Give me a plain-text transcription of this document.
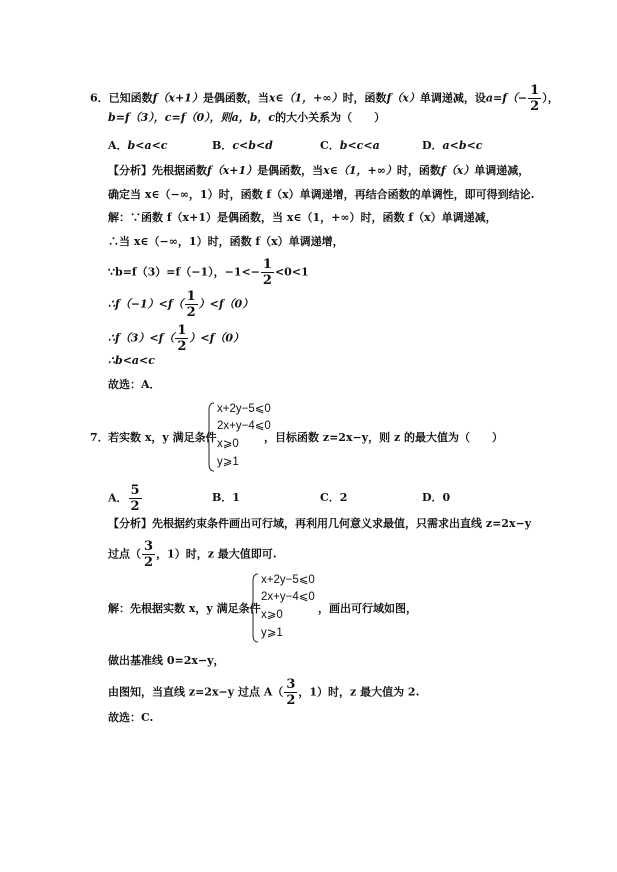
6．已知函数f（x+1）是偶函数，当x∈（1，+∞）时，函数f（x）单调递减，设$a=f(- \frac{1}{2}$ ），
b=f（3），c=f（0），则a，b，c的大小关系为（　　）
A．b<a<c	B．c<b<d	C．b<c<a	D．a<b<c
【分析】先根据函数f（x+1）是偶函数，当x∈（1，+∞）时，函数f（x）单调递减，
确定当 x∈（−∞，1）时，函数 f（x）单调递增，再结合函数的单调性，即可得到结论.
解：∵函数 f（x+1）是偶函数，当 x∈（1，+∞）时，函数 f（x）单调递减，
∴当 x∈（−∞，1）时，函数 f（x）单调递增，
∵b=f（3）=f（−1），$-1<- \frac{1}{2} <0<1$
∴f（−1）<f（ $\frac{1}{2} )<f(0)$
∴f（3）<f（ $\frac{1}{2} )<f(0)$
∴b<a<c
故选：A．
7． 若实数 x，y 满足条件
x+2y−5⩽0
2x+y−4⩽0
x⩾0
y⩾1
，目标函数 z=2x−y，则 z 的最大值为（　　）
A． $\frac{5}{2}$	B．1	C．2	D．0
【分析】先根据约束条件画出可行域，再利用几何意义求最值，只需求出直线 z=2x−y
过点（ $\frac{3}{2}$ ，1）时，z 最大值即可.
解：先根据实数 x，y 满足条件
x+2y−5⩽0
2x+y−4⩽0
x⩾0
y⩾1
，画出可行域如图，
做出基准线 0=2x−y，
由图知，当直线 z=2x−y 过点 $A( \frac{3}{2}$ ，1）时，z 最大值为 2.
故选：C.
